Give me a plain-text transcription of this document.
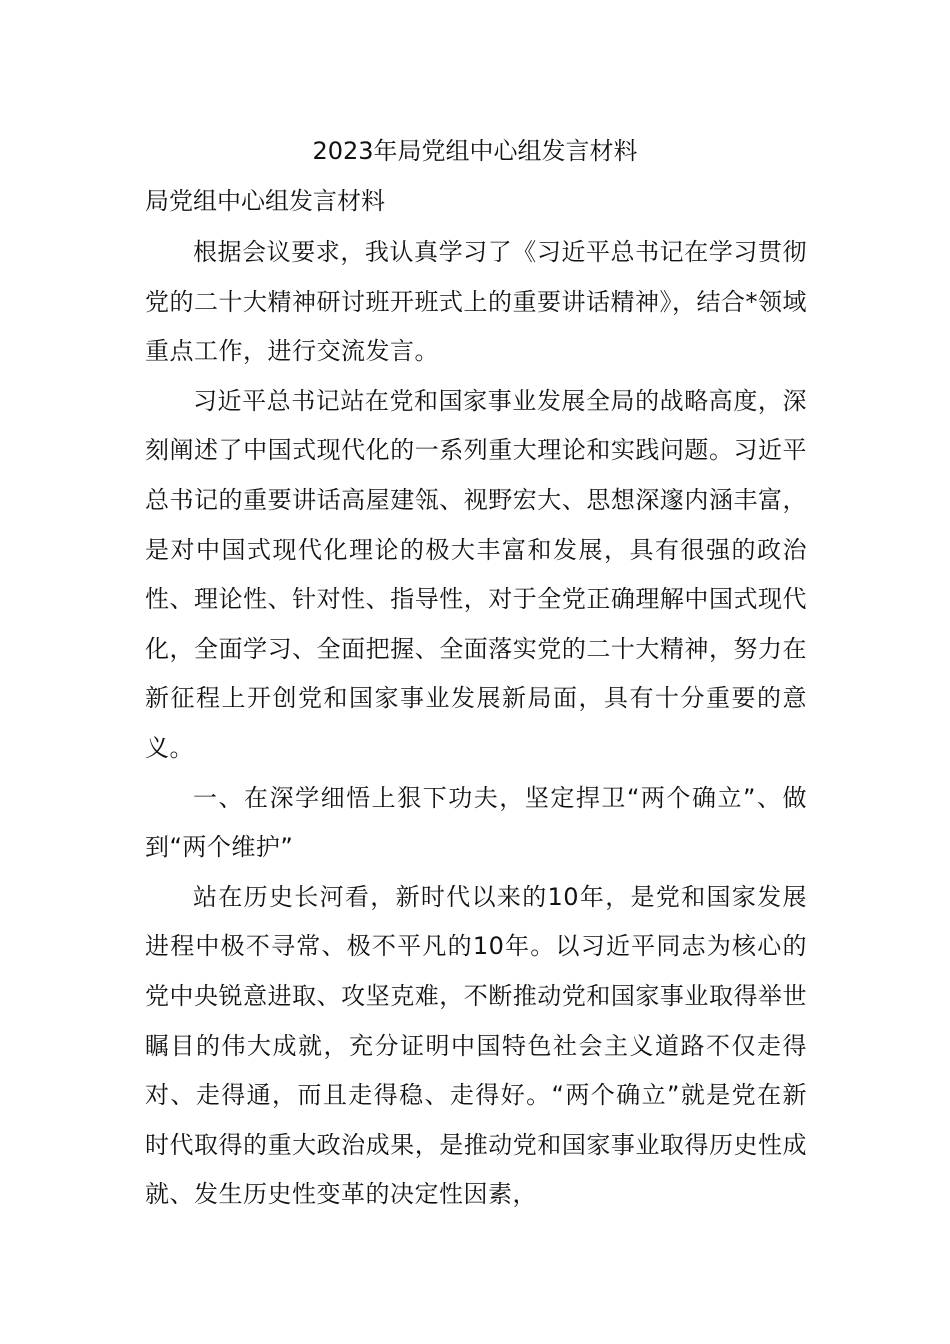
2023年局党组中心组发言材料
局党组中心组发言材料

根据会议要求，我认真学习了《习近平总书记在学习贯彻党的二十大精神研讨班开班式上的重要讲话精神》，结合*领域重点工作，进行交流发言。

习近平总书记站在党和国家事业发展全局的战略高度，深刻阐述了中国式现代化的一系列重大理论和实践问题。习近平总书记的重要讲话高屋建瓴、视野宏大、思想深邃内涵丰富，是对中国式现代化理论的极大丰富和发展，具有很强的政治性、理论性、针对性、指导性，对于全党正确理解中国式现代化，全面学习、全面把握、全面落实党的二十大精神，努力在新征程上开创党和国家事业发展新局面，具有十分重要的意义。

一、在深学细悟上狠下功夫，坚定捍卫“两个确立”、做到“两个维护”

站在历史长河看，新时代以来的10年，是党和国家发展进程中极不寻常、极不平凡的10年。以习近平同志为核心的党中央锐意进取、攻坚克难，不断推动党和国家事业取得举世瞩目的伟大成就，充分证明中国特色社会主义道路不仅走得对、走得通，而且走得稳、走得好。“两个确立”就是党在新时代取得的重大政治成果，是推动党和国家事业取得历史性成就、发生历史性变革的决定性因素，
